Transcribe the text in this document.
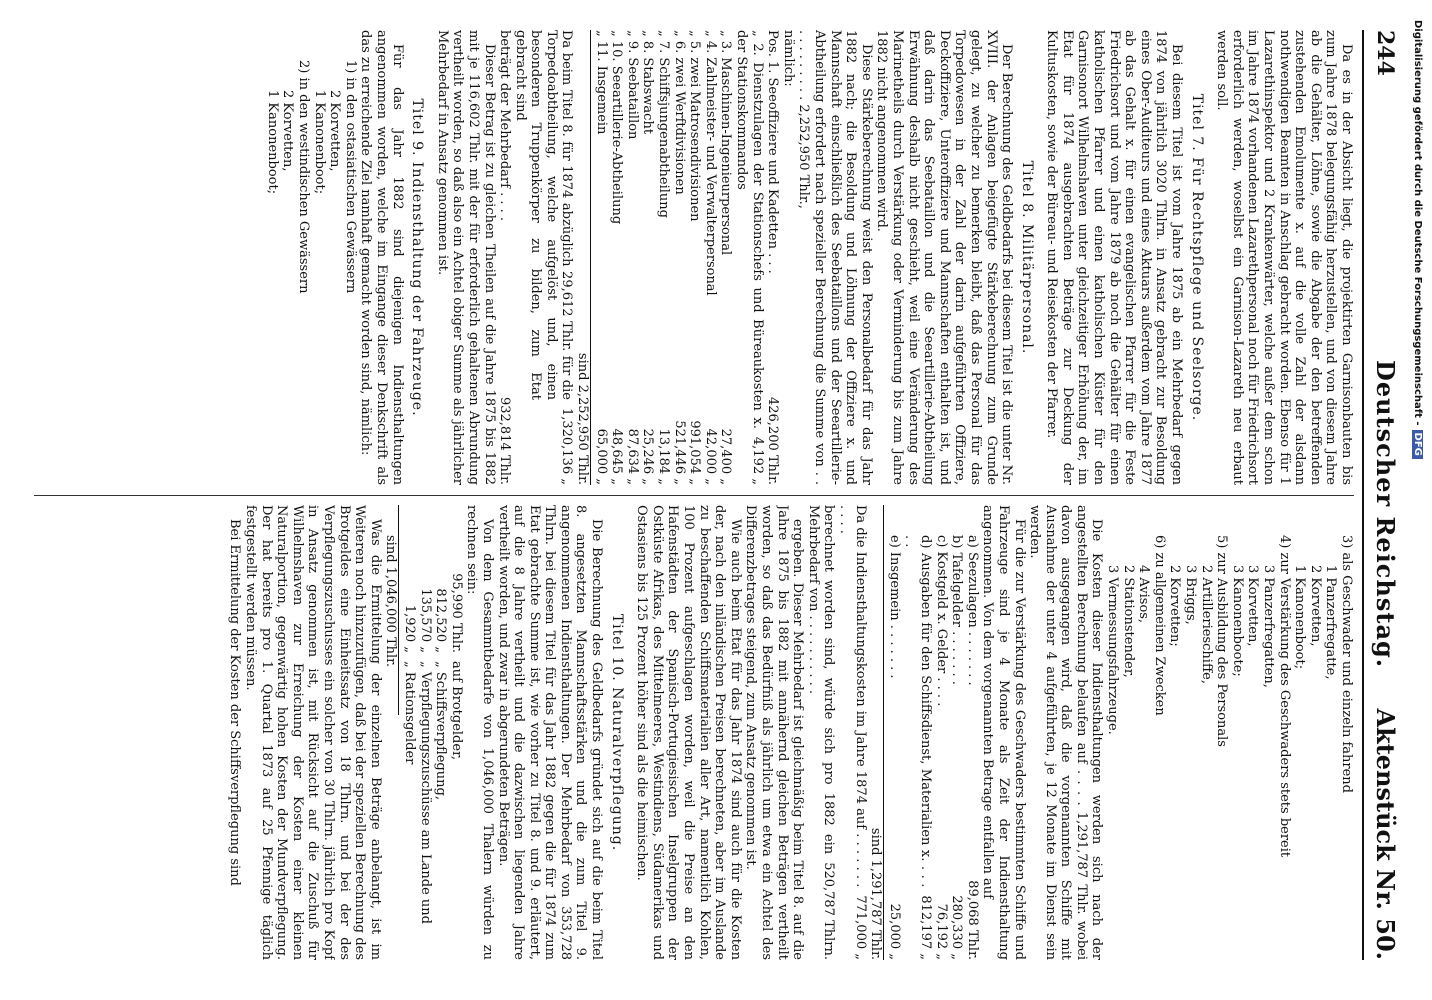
244
Deutscher Reichstag.
Aktenstück Nr. 50.

Da es in der Absicht liegt, die projektirten Garnisonbauten bis zum Jahre 1878 belegungsfähig herzustellen, und von diesem Jahre ab die Gehälter, Löhne, sowie die Abgabe der den betreffenden zustehenden Emolumente x. auf die volle Zahl der alsdann nothwendigen Beamten in Anschlag gebracht worden. Ebenso für 1 Lazarethinspektor und 2 Krankenwärter, welche außer dem schon im Jahre 1874 vorhandenen Lazarethpersonal noch für Friedrichsort erforderlich werden, woselbst ein Garnison-Lazareth neu erbaut werden soll.

Titel 7. Für Rechtspflege und Seelsorge.

Bei diesem Titel ist vom Jahre 1875 ab ein Mehrbedarf gegen 1874 von jährlich 3020 Thlrn. in Ansatz gebracht zur Besoldung eines Ober-Auditeurs und eines Aktuars außerdem vom Jahre 1877 ab das Gehalt x. für einen evangelischen Pfarrer für die Feste Friedrichsort und vom Jahre 1879 ab noch die Gehälter für einen katholischen Pfarrer und einen katholischen Küster für den Garnisonort Wilhelmshaven unter gleichzeitiger Erhöhung der, im Etat für 1874 ausgebrachten Beträge zur Deckung der Kultuskosten, sowie der Büreau- und Reisekosten der Pfarrer.

Titel 8. Militärpersonal.

Der Berechnung des Geldbedarfs bei diesem Titel ist die unter Nr. XVIII. der Anlagen beigefügte Stärkeberechnung zum Grunde gelegt, zu welcher zu bemerken bleibt, daß das Personal für das Torpedowesen in der Zahl der darin aufgeführten Offiziere, Deckoffiziere, Unteroffiziere und Mannschaften enthalten ist, und daß darin das Seebataillon und die Seeartillerie-Abtheilung Erwähnung deshalb nicht geschieht, weil eine Veränderung des Marinetheils durch Verstärkung oder Verminderung bis zum Jahre 1882 nicht angenommen wird.

Diese Stärkeberechnung weist den Personalbedarf für das Jahr 1882 nach; die Besoldung und Löhnung der Offiziere x. und Mannschaft einschließlich des Seebataillons und der Seeartillerie-Abtheilung erfordert nach spezieller Berechnung die Summe von . . . . . . . . . . . 2,252,950 Thlr.,

nämlich:

Pos. 1. Seeoffiziere und Kadetten . . .
426,200 Thlr.
„ 2. Dienstzulagen der Stationschefs und Büreaukosten x. der Stationskommandos
4,192 „
„ 3. Maschinen-Ingenieurpersonal
27,400 „
„ 4. Zahlmeister- und Verwalterpersonal
42,000 „
„ 5. zwei Matrosendivisionen
991,054 „
„ 6. zwei Werftdivisionen
521,446 „
„ 7. Schiffsjungenabtheilung
13,184 „
„ 8. Stabswacht
25,246 „
„ 9. Seebataillon
87,634 „
„ 10. Seeartillerie-Abtheilung
48,645 „
„ 11. Insgemein
65,000 „

sind 2,252,950 Thlr.

Da beim Titel 8. für 1874 abzüglich 29,612 Thlr. für die Torpedoabtheilung, welche aufgelöst und, einen besonderen Truppenkörper zu bilden, zum Etat gebracht sind
1,320,136 „
beträgt der Mehrbedarf . . . .
932,814 Thlr.

Dieser Betrag ist zu gleichen Theilen auf die Jahre 1875 bis 1882 mit je 116,602 Thlr. mit der für erforderlich gehaltenen Abrundung vertheilt worden, so daß also ein Achtel obiger Summe als jährlicher Mehrbedarf in Ansatz genommen ist.

Titel 9. Indiensthaltung der Fahrzeuge.

Für das Jahr 1882 sind diejenigen Indiensthaltungen angenommen worden, welche im Eingange dieser Denkschrift als das zu erreichende Ziel namhaft gemacht worden sind, nämlich:

1) in den ostasiatischen Gewässern

2 Korvetten,

1 Kanonenboot;

2) in den westindischen Gewässern

2 Korvetten,

1 Kanonenboot;

3) als Geschwader und einzeln fahrend

1 Panzerfregatte,

2 Korvetten,

1 Kanonenboot;

4) zur Verstärkung des Geschwaders stets bereit

3 Panzerfregatten,

3 Korvetten,

3 Kanonenboote;

5) zur Ausbildung des Personals

2 Artillerieschiffe,

3 Briggs,

2 Korvetten;

6) zu allgemeinen Zwecken

4 Avisos,

2 Stationstender,

3 Vermessungsfahrzeuge.

Die Kosten dieser Indiensthaltungen werden sich nach der angestellten Berechnung belaufen auf . . . . 1,291,787 Thlr. wobei davon ausgegangen wird, daß die vorgenannten Schiffe mit Ausnahme der unter 4 aufgeführten, je 12 Monate im Dienst sein werden.

Für die zur Verstärkung des Geschwaders bestimmten Schiffe und Fahrzeuge sind je 4 Monate als Zeit der Indiensthaltung angenommen. Von dem vorgenannten Betrage entfallen auf

a) Seezulagen . . . . . . .
89,068 Thlr.
b) Tafelgelder . . . . . . .
280,330 „
c) Kostgeld x. Gelder . . . .
76,192 „
d) Ausgaben für den Schiffsdienst, Materialien x. . . . . .
812,197 „
e) Insgemein . . . . . . .
25,000 „

sind 1,291,787 Thlr.

Da die Indiensthaltungskosten im Jahre 1874 auf . . . . . . . . . . .
771,000 „
berechnet worden sind, würde sich pro 1882 ein Mehrbedarf von . . . . . . . . . .
520,787 Thlrn.

ergeben. Dieser Mehrbedarf ist gleichmäßig beim Titel 8. auf die Jahre 1875 bis 1882 mit annähernd gleichen Beträgen vertheilt worden, so daß das Bedürfniß als jährlich um etwa ein Achtel des Differenzbetrages steigend, zum Ansatz genommen ist.

Wie auch beim Etat für das Jahr 1874 sind auch für die Kosten der, nach den inländischen Preisen berechneten, aber im Auslande zu beschaffenden Schiffsmaterialien aller Art, namentlich Kohlen, 100 Prozent aufgeschlagen worden, weil die Preise an den Hafenstädten der Spanisch-Portugiesischen Inselgruppen der Ostküste Afrikas, des Mittelmeeres, Westindiens, Südamerikas und Ostasiens bis 125 Prozent höher sind als die heimischen.

Titel 10. Naturalverpflegung.

Die Berechnung des Geldbedarfs gründet sich auf die beim Titel 8. angesetzten Mannschaftsstärken und die zum Titel 9. angenommenen Indiensthaltungen. Der Mehrbedarf von 353,728 Thlrn. bei diesem Titel für das Jahr 1882 gegen die für 1874 zum Etat gebrachte Summe ist, wie vorher zu Titel 8. und 9. erläutert, auf die 8 Jahre vertheilt und die dazwischen liegenden Jahre vertheilt worden, und zwar in abgerundeten Beträgen.

Von dem Gesammtbedarfe von 1,046,000 Thalern würden zu rechnen sein:

95,990 Thlr.
auf Brotgelder,
812,520 „
„ Schiffsverpflegung,
135,570 „
„ Verpflegungszuschüsse am Lande und
1,920 „
„ Rationsgelder

sind 1,046,000 Thlr.

Was die Ermittelung der einzelnen Beträge anbelangt, ist im Weiteren noch hinzuzufügen, daß bei der speziellen Berechnung des Brotgeldes eine Einheitssatz von 18 Thlrn. und bei der des Verpflegungszuschusses ein solcher von 30 Thlrn. jährlich pro Kopf in Ansatz genommen ist, mit Rücksicht auf die Zuschuß für Wilhelmshaven zur Erreichung der Kosten einer kleinen Naturalportion, gegenwärtig hohen Kosten der Mundverpflegung. Der hat bereits pro 1. Quartal 1873 auf 25 Pfennige täglich festgestellt werden müssen.

Bei Ermittelung der Kosten der Schiffsverpflegung sind

Digitalisierung gefördert durch die Deutsche Forschungsgemeinschaft -DFG
